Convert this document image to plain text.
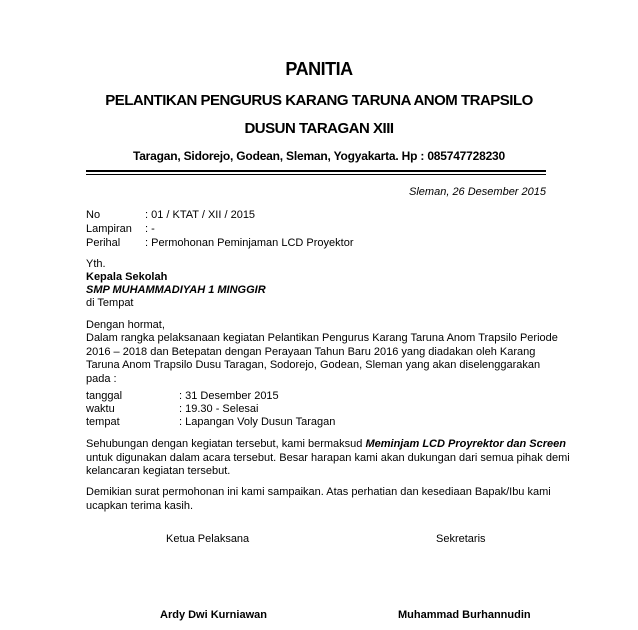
PANITIA
PELANTIKAN PENGURUS KARANG TARUNA ANOM TRAPSILO
DUSUN TARAGAN XIII
Taragan, Sidorejo, Godean, Sleman, Yogyakarta. Hp : 085747728230
Sleman, 26 Desember 2015
No	: 01 / KTAT / XII / 2015
Lampiran : -
Perihal : Permohonan Peminjaman LCD Proyektor
Yth.
Kepala Sekolah
SMP MUHAMMADIYAH 1 MINGGIR
di Tempat
Dengan hormat,
Dalam rangka pelaksanaan kegiatan Pelantikan Pengurus Karang Taruna Anom Trapsilo Periode
2016 – 2018 dan Betepatan dengan Perayaan Tahun Baru 2016 yang diadakan oleh Karang
Taruna Anom Trapsilo Dusu Taragan, Sodorejo, Godean, Sleman yang akan diselenggarakan
pada :
tanggal	: 31 Desember 2015
waktu	: 19.30 - Selesai
tempat	: Lapangan Voly Dusun Taragan
Sehubungan dengan kegiatan tersebut, kami bermaksud Meminjam LCD Proyrektor dan Screen
untuk digunakan dalam acara tersebut. Besar harapan kami akan dukungan dari semua pihak demi
kelancaran kegiatan tersebut.
Demikian surat permohonan ini kami sampaikan. Atas perhatian dan kesediaan Bapak/Ibu kami
ucapkan terima kasih.
Ketua Pelaksana	Sekretaris
Ardy Dwi Kurniawan	Muhammad Burhannudin
